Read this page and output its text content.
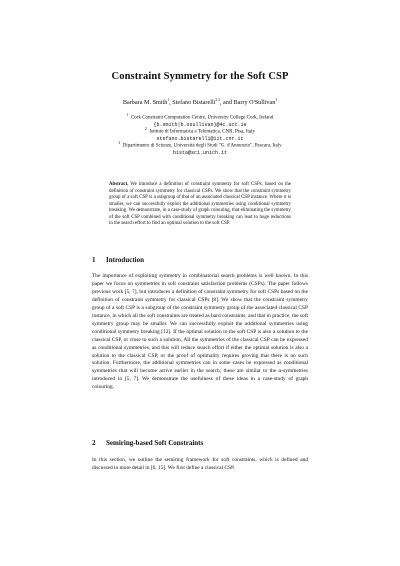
Constraint Symmetry for the Soft CSP
Barbara M. Smith$^1$, Stefano Bistarelli$^{2,3}$, and Barry O'Sullivan$^1$
$^1$  Cork Constraint Computation Centre, University College Cork, Ireland
{b.smith|b.osullivan}@4c.ucc.ie
$^2$  Istituto di Informatica e Telematica, CNR, Pisa, Italy
stefano.bistarelli@iit.cnr.it
$^3$  Dipartimento di Scienze, Università degli Studi "G. d'Annunzio", Pescara, Italy
bista@sci.unich.it
Abstract. We introduce a definition of constraint symmetry for soft CSPs, based on the definition of constraint symmetry for classical CSPs. We show that the constraint symmetry group of a soft CSP is a subgroup of that of an associated classical CSP instance. Where it is smaller, we can successfully exploit the additional symmetries using conditional symmetry breaking. We demonstrate, in a case-study of graph colouring, that eliminating the symmetry of the soft CSP combined with conditional symmetry breaking can lead to huge reductions in the search effort to find an optimal solution to the soft CSP.
1 Introduction
The importance of exploiting symmetry in combinatorial search problems is well known. In this paper we focus on symmetries in soft constraint satisfaction problems (CSPs). The paper follows previous work [5, 7], but introduces a definition of constraint symmetry for soft CSPs based on the definition of constraint symmetry for classical CSPs [8]. We show that the constraint symmetry group of a soft CSP is a subgroup of the constraint symmetry group of the associated classical CSP instance, in which all the soft constraints are treated as hard constraints, and that in practice, the soft symmetry group may be smaller. We can successfully exploit the additional symmetries using conditional symmetry breaking [12]. If the optimal solution to the soft CSP is also a solution to the classical CSP, or close to such a solution, All the symmetries of the classical CSP can be expressed as conditional symmetries, and this will reduce search effort if either the optimal solution is also a solution to the classical CSP, or the proof of optimality requires proving that there is no such solution. Furthermore, the additional symmetries can in some cases be expressed as conditional symmetries that will become active earlier in the search; these are similar to the α-symmetries introduced in [5, 7]. We demonstrate the usefulness of these ideas in a case-study of graph colouring.
2 Semiring-based Soft Constraints
In this section, we outline the semiring framework for soft constraints, which is defined and discussed in more detail in [6, 15]. We first define a classical CSP.
